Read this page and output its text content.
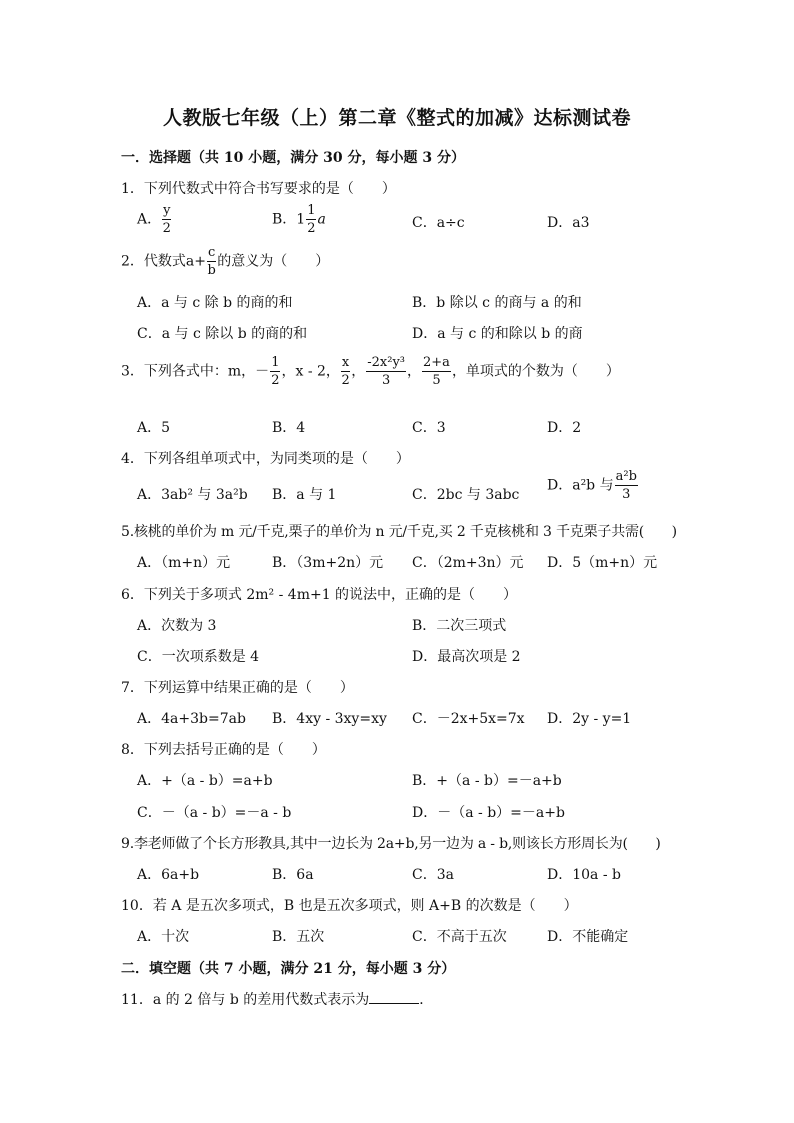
人教版七年级（上）第二章《整式的加减》达标测试卷
一．选择题（共 10 小题，满分 30 分，每小题 3 分）
1．下列代数式中符合书写要求的是（　　）
A． $\frac{y}{2}$	B．$1 \frac{1}{2}$ a	C．a÷c	D．a3
2．代数式$a+ \frac{c}{b}$ 的意义为（　　）
A．a 与 c 除 b 的商的和	B．b 除以 c 的商与 a 的和
C．a 与 c 除以 b 的商的和	D．a 与 c 的和除以 b 的商
3．下列各式中：m，－ $\frac{1}{2}$ ，x - 2， $\frac{x}{2}$ ， $\frac{\text{-2x²y³}}{3}$ ， $\frac{2+a}{5}$ ，单项式的个数为（　　）
A．5	B．4	C．3	D．2
4．下列各组单项式中，为同类项的是（　　）
A．3ab² 与 3a²b B．a 与 1	C．2bc 与 3abc
D．a²b 与 $\frac{\text{a²b}}{3}$
5.核桃的单价为 m 元/千克,栗子的单价为 n 元/千克,买 2 千克核桃和 3 千克栗子共需(　　)
A．（m+n）元	B．（3m+2n）元 C．（2m+3n）元 D．5（m+n）元
6．下列关于多项式 2m² - 4m+1 的说法中，正确的是（　　）
A．次数为 3	B．二次三项式
C．一次项系数是 4	D．最高次项是 2
7．下列运算中结果正确的是（　　）
A．4a+3b=7ab B．4xy - 3xy=xy C．－2x+5x=7x D．2y - y=1
8．下列去括号正确的是（　　）
A．+（a - b）=a+b	B．+（a - b）=－a+b
C．－（a - b）=－a - b	D．－（a - b）=－a+b
9.李老师做了个长方形教具,其中一边长为 2a+b,另一边为 a - b,则该长方形周长为(　　)
A．6a+b	B．6a	C．3a	D．10a - b
10．若 A 是五次多项式，B 也是五次多项式，则 A+B 的次数是（　　）
A．十次	B．五次	C．不高于五次	D．不能确定
二．填空题（共 7 小题，满分 21 分，每小题 3 分）
11．a 的 2 倍与 b 的差用代数式表示为	．
